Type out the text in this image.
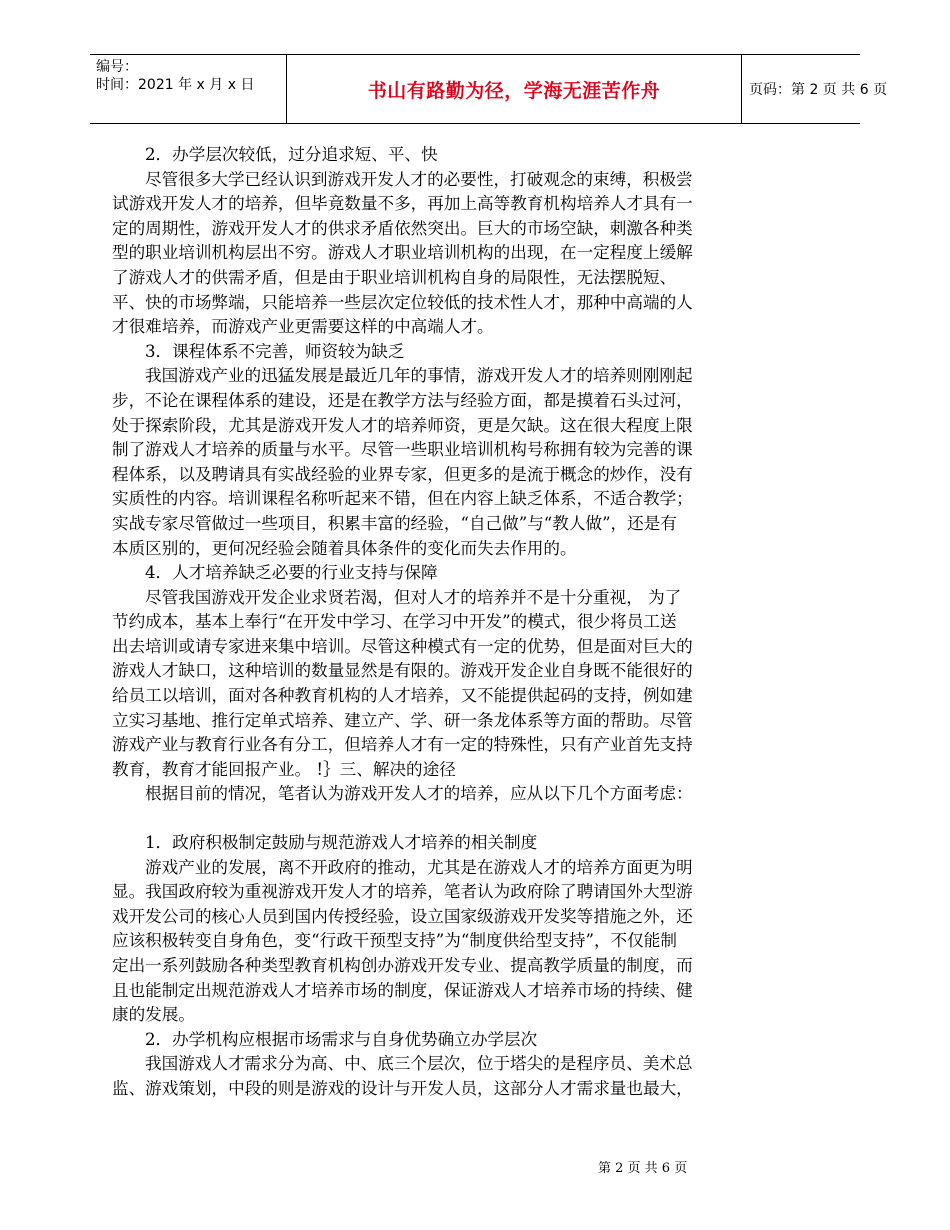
编号：
时间：2021 年 x 月 x 日	书山有路勤为径，学海无涯苦作舟	页码：第 2 页 共 6 页
2．办学层次较低，过分追求短、平、快
尽管很多大学已经认识到游戏开发人才的必要性，打破观念的束缚，积极尝
试游戏开发人才的培养，但毕竟数量不多，再加上高等教育机构培养人才具有一
定的周期性，游戏开发人才的供求矛盾依然突出。巨大的市场空缺，刺激各种类
型的职业培训机构层出不穷。游戏人才职业培训机构的出现，在一定程度上缓解
了游戏人才的供需矛盾，但是由于职业培训机构自身的局限性，无法摆脱短、
平、快的市场弊端，只能培养一些层次定位较低的技术性人才，那种中高端的人
才很难培养，而游戏产业更需要这样的中高端人才。
3．课程体系不完善，师资较为缺乏
我国游戏产业的迅猛发展是最近几年的事情，游戏开发人才的培养则刚刚起
步，不论在课程体系的建设，还是在教学方法与经验方面，都是摸着石头过河，
处于探索阶段，尤其是游戏开发人才的培养师资，更是欠缺。这在很大程度上限
制了游戏人才培养的质量与水平。尽管一些职业培训机构号称拥有较为完善的课
程体系，以及聘请具有实战经验的业界专家，但更多的是流于概念的炒作，没有
实质性的内容。培训课程名称听起来不错，但在内容上缺乏体系，不适合教学；
实战专家尽管做过一些项目，积累丰富的经验，“自己做”与“教人做”，还是有
本质区别的，更何况经验会随着具体条件的变化而失去作用的。
4．人才培养缺乏必要的行业支持与保障
尽管我国游戏开发企业求贤若渴，但对人才的培养并不是十分重视， 为了
节约成本，基本上奉行“在开发中学习、在学习中开发”的模式，很少将员工送
出去培训或请专家进来集中培训。尽管这种模式有一定的优势，但是面对巨大的
游戏人才缺口，这种培训的数量显然是有限的。游戏开发企业自身既不能很好的
给员工以培训，面对各种教育机构的人才培养，又不能提供起码的支持，例如建
立实习基地、推行定单式培养、建立产、学、研一条龙体系等方面的帮助。尽管
游戏产业与教育行业各有分工，但培养人才有一定的特殊性，只有产业首先支持
教育，教育才能回报产业。 !｝三、解决的途径
根据目前的情况，笔者认为游戏开发人才的培养，应从以下几个方面考虑：
1．政府积极制定鼓励与规范游戏人才培养的相关制度
游戏产业的发展，离不开政府的推动，尤其是在游戏人才的培养方面更为明
显。我国政府较为重视游戏开发人才的培养，笔者认为政府除了聘请国外大型游
戏开发公司的核心人员到国内传授经验，设立国家级游戏开发奖等措施之外，还
应该积极转变自身角色，变“行政干预型支持”为“制度供给型支持”，不仅能制
定出一系列鼓励各种类型教育机构创办游戏开发专业、提高教学质量的制度，而
且也能制定出规范游戏人才培养市场的制度，保证游戏人才培养市场的持续、健
康的发展。
2．办学机构应根据市场需求与自身优势确立办学层次
我国游戏人才需求分为高、中、底三个层次，位于塔尖的是程序员、美术总
监、游戏策划，中段的则是游戏的设计与开发人员，这部分人才需求量也最大，
第 2 页 共 6 页
